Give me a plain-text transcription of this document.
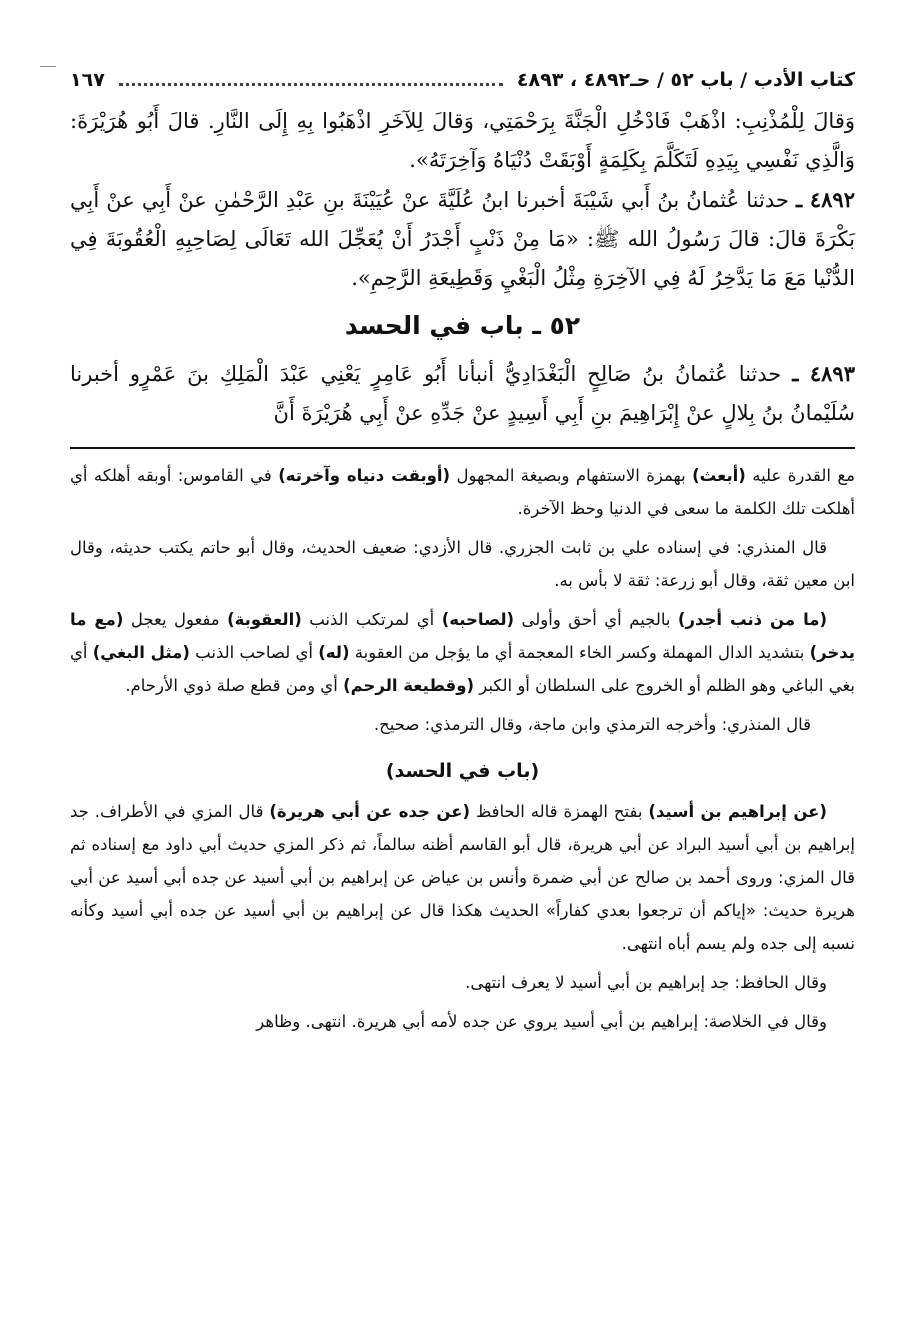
كتاب الأدب / باب ٥٢ / حـ٤٨٩٢ ، ٤٨٩٣
١٦٧

وَقالَ لِلْمُذْنِبِ: اذْهَبْ فَادْخُلِ الْجَنَّةَ بِرَحْمَتِي، وَقالَ لِلآخَرِ اذْهَبُوا بِهِ إِلَى النَّارِ. قالَ أَبُو هُرَيْرَةَ: وَالَّذِي نَفْسِي بِيَدِهِ لَتَكَلَّمَ بِكَلِمَةٍ أَوْبَقَتْ دُنْيَاهُ وَآخِرَتَهُ».

٤٨٩٢ ـ حدثنا عُثمانُ بنُ أَبي شَيْبَةَ أخبرنا ابنُ عُلَيَّةَ عنْ عُيَيْنَةَ بنِ عَبْدِ الرَّحْمٰنِ عنْ أَبِي عنْ أَبِي بَكْرَةَ قالَ: قالَ رَسُولُ الله ﷺ: «مَا مِنْ ذَنْبٍ أَجْدَرُ أَنْ يُعَجِّلَ الله تَعَالَى لِصَاحِبِهِ الْعُقُوبَةَ فِي الدُّنْيا مَعَ مَا يَدَّخِرُ لَهُ فِي الآخِرَةِ مِثْلُ الْبَغْيِ وَقَطِيعَةِ الرَّحِمِ».

٥٢ ـ باب في الحسد

٤٨٩٣ ـ حدثنا عُثمانُ بنُ صَالِحٍ الْبَغْدَادِيُّ أنبأنا أَبُو عَامِرٍ يَعْنِي عَبْدَ الْمَلِكِ بنَ عَمْرٍو أخبرنا سُلَيْمانُ بنُ بِلالٍ عنْ إِبْرَاهِيمَ بنِ أَبِي أَسِيدٍ عنْ جَدِّهِ عنْ أَبِي هُرَيْرَةَ أَنَّ

مع القدرة عليه (أبعث) بهمزة الاستفهام وبصيغة المجهول (أوبقت دنياه وآخرته) في القاموس: أوبقه أهلكه أي أهلكت تلك الكلمة ما سعى في الدنيا وحظ الآخرة.

قال المنذري: في إسناده علي بن ثابت الجزري. قال الأزدي: ضعيف الحديث، وقال أبو حاتم يكتب حديثه، وقال ابن معين ثقة، وقال أبو زرعة: ثقة لا بأس به.

(ما من ذنب أجدر) بالجيم أي أحق وأولى (لصاحبه) أي لمرتكب الذنب (العقوبة) مفعول يعجل (مع ما يدخر) بتشديد الدال المهملة وكسر الخاء المعجمة أي ما يؤجل من العقوبة (له) أي لصاحب الذنب (مثل البغي) أي بغي الباغي وهو الظلم أو الخروج على السلطان أو الكبر (وقطيعة الرحم) أي ومن قطع صلة ذوي الأرحام.

قال المنذري: وأخرجه الترمذي وابن ماجة، وقال الترمذي: صحيح.

(باب في الحسد)

(عن إبراهيم بن أسيد) بفتح الهمزة قاله الحافظ (عن جده عن أبي هريرة) قال المزي في الأطراف. جد إبراهيم بن أبي أسيد البراد عن أبي هريرة، قال أبو القاسم أظنه سالماً، ثم ذكر المزي حديث أبي داود مع إسناده ثم قال المزي: وروى أحمد بن صالح عن أبي ضمرة وأنس بن عياض عن إبراهيم بن أبي أسيد عن جده أبي أسيد عن أبي هريرة حديث: «إياكم أن ترجعوا بعدي كفاراً» الحديث هكذا قال عن إبراهيم بن أبي أسيد عن جده أبي أسيد وكأنه نسبه إلى جده ولم يسم أباه انتهى.

وقال الحافظ: جد إبراهيم بن أبي أسيد لا يعرف انتهى.

وقال في الخلاصة: إبراهيم بن أبي أسيد يروي عن جده لأمه أبي هريرة. انتهى. وظاهر
